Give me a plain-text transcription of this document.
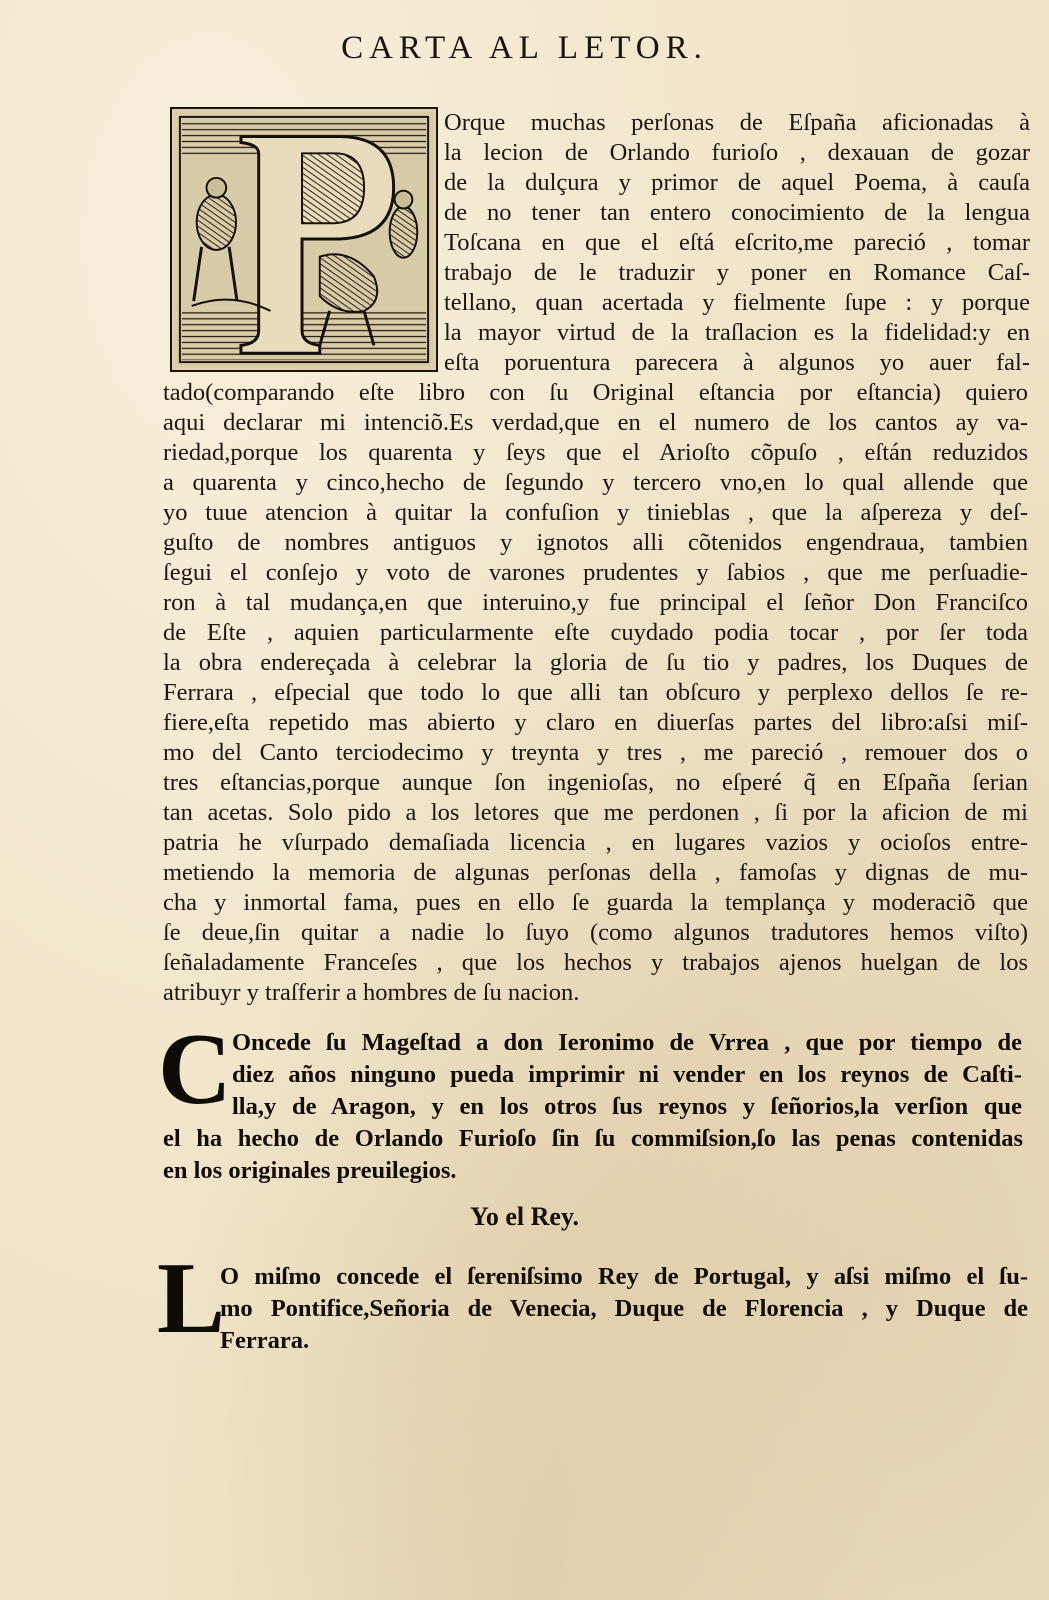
CARTA AL LETOR.
Orque muchas perſonas de Eſpaña aficionadas à
la lecion de Orlando furioſo , dexauan de gozar
de la dulçura y primor de aquel Poema, à cauſa
de no tener tan entero conocimiento de la lengua
Toſcana en que el eſtá eſcrito,me pareció , tomar
trabajo de le traduzir y poner en Romance Caſ-
tellano, quan acertada y fielmente ſupe : y porque
la mayor virtud de la traſlacion es la fidelidad:y en
eſta poruentura parecera à algunos yo auer fal-
tado(comparando eſte libro con ſu Original eſtancia por eſtancia) quiero
aqui declarar mi intenciõ.Es verdad,que en el numero de los cantos ay va-
riedad,porque los quarenta y ſeys que el Arioſto cõpuſo , eſtán reduzidos
a quarenta y cinco,hecho de ſegundo y tercero vno,en lo qual allende que
yo tuue atencion à quitar la confuſion y tinieblas , que la aſpereza y deſ-
guſto de nombres antiguos y ignotos alli cõtenidos engendraua, tambien
ſegui el conſejo y voto de varones prudentes y ſabios , que me perſuadie-
ron à tal mudança,en que interuino,y fue principal el ſeñor Don Franciſco
de Eſte , aquien particularmente eſte cuydado podia tocar , por ſer toda
la obra endereçada à celebrar la gloria de ſu tio y padres, los Duques de
Ferrara , eſpecial que todo lo que alli tan obſcuro y perplexo dellos ſe re-
fiere,eſta repetido mas abierto y claro en diuerſas partes del libro:aſsi miſ-
mo del Canto terciodecimo y treynta y tres , me pareció , remouer dos o
tres eſtancias,porque aunque ſon ingenioſas, no eſperé q̃ en Eſpaña ſerian
tan acetas. Solo pido a los letores que me perdonen , ſi por la aficion de mi
patria he vſurpado demaſiada licencia , en lugares vazios y ocioſos entre-
metiendo la memoria de algunas perſonas della , famoſas y dignas de mu-
cha y inmortal fama, pues en ello ſe guarda la templança y moderaciõ que
ſe deue,ſin quitar a nadie lo ſuyo (como algunos tradutores hemos viſto)
ſeñaladamente Franceſes , que los hechos y trabajos ajenos huelgan de los
atribuyr y traſferir a hombres de ſu nacion.
C Oncede ſu Mageſtad a don Ieronimo de Vrrea , que por tiempo de
diez años ninguno pueda imprimir ni vender en los reynos de Caſti-
lla,y de Aragon, y en los otros ſus reynos y ſeñorios,la verſion que
el ha hecho de Orlando Furioſo ſin ſu commiſsion,ſo las penas contenidas
en los originales preuilegios.
Yo el Rey.
L
O miſmo concede el ſereniſsimo Rey de Portugal, y aſsi miſmo el ſu-
mo Pontifice,Señoria de Venecia, Duque de Florencia , y Duque de
Ferrara.
